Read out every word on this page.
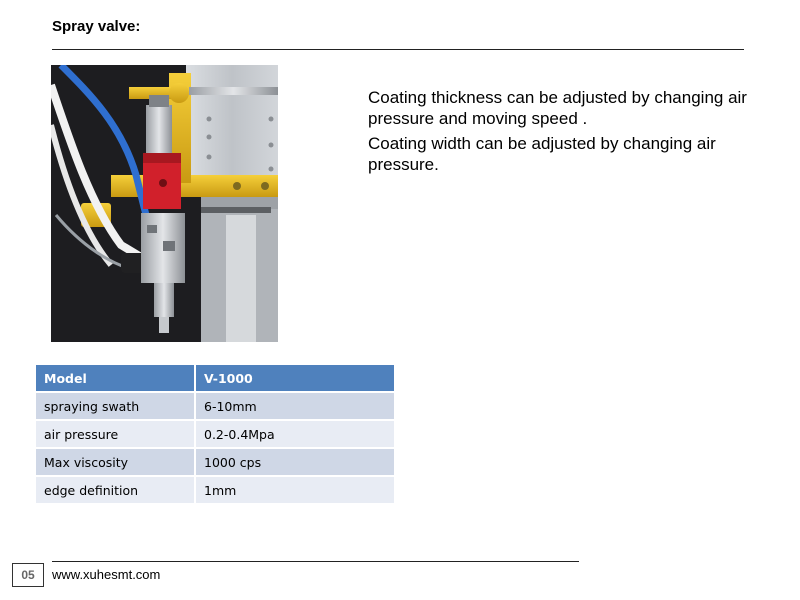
Spray valve:

Coating thickness can be adjusted by changing air pressure and moving speed .

Coating width can be adjusted by changing air pressure.

Model	V-1000
spraying swath	6-10mm
air pressure	0.2-0.4Mpa
Max viscosity	1000 cps
edge definition	1mm
05	www.xuhesmt.com
